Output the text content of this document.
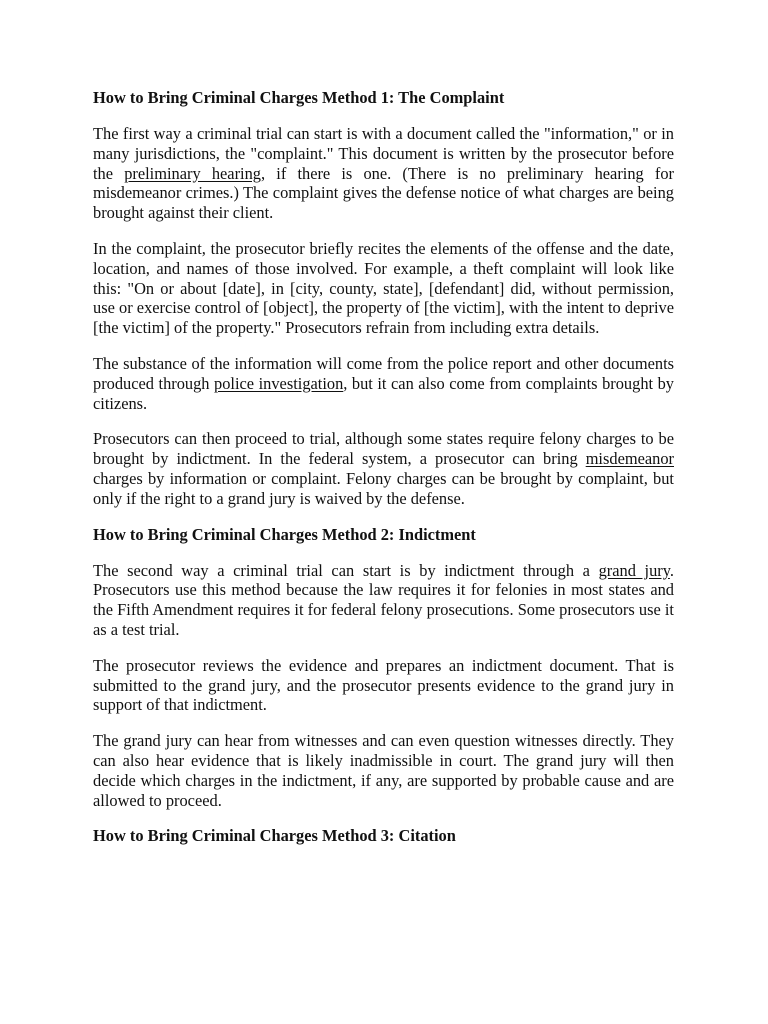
How to Bring Criminal Charges Method 1: The Complaint

The first way a criminal trial can start is with a document called the "information," or in many jurisdictions, the "complaint." This document is written by the prosecutor before the preliminary hearing, if there is one. (There is no preliminary hearing for misdemeanor crimes.) The complaint gives the defense notice of what charges are being brought against their client.

In the complaint, the prosecutor briefly recites the elements of the offense and the date, location, and names of those involved. For example, a theft complaint will look like this: "On or about [date], in [city, county, state], [defendant] did, without permission, use or exercise control of [object], the property of [the victim], with the intent to deprive [the victim] of the property." Prosecutors refrain from including extra details.

The substance of the information will come from the police report and other documents produced through police investigation, but it can also come from complaints brought by citizens.

Prosecutors can then proceed to trial, although some states require felony charges to be brought by indictment. In the federal system, a prosecutor can bring misdemeanor charges by information or complaint. Felony charges can be brought by complaint, but only if the right to a grand jury is waived by the defense.

How to Bring Criminal Charges Method 2: Indictment

The second way a criminal trial can start is by indictment through a grand jury. Prosecutors use this method because the law requires it for felonies in most states and the Fifth Amendment requires it for federal felony prosecutions. Some prosecutors use it as a test trial.

The prosecutor reviews the evidence and prepares an indictment document. That is submitted to the grand jury, and the prosecutor presents evidence to the grand jury in support of that indictment.

The grand jury can hear from witnesses and can even question witnesses directly. They can also hear evidence that is likely inadmissible in court. The grand jury will then decide which charges in the indictment, if any, are supported by probable cause and are allowed to proceed.

How to Bring Criminal Charges Method 3: Citation
